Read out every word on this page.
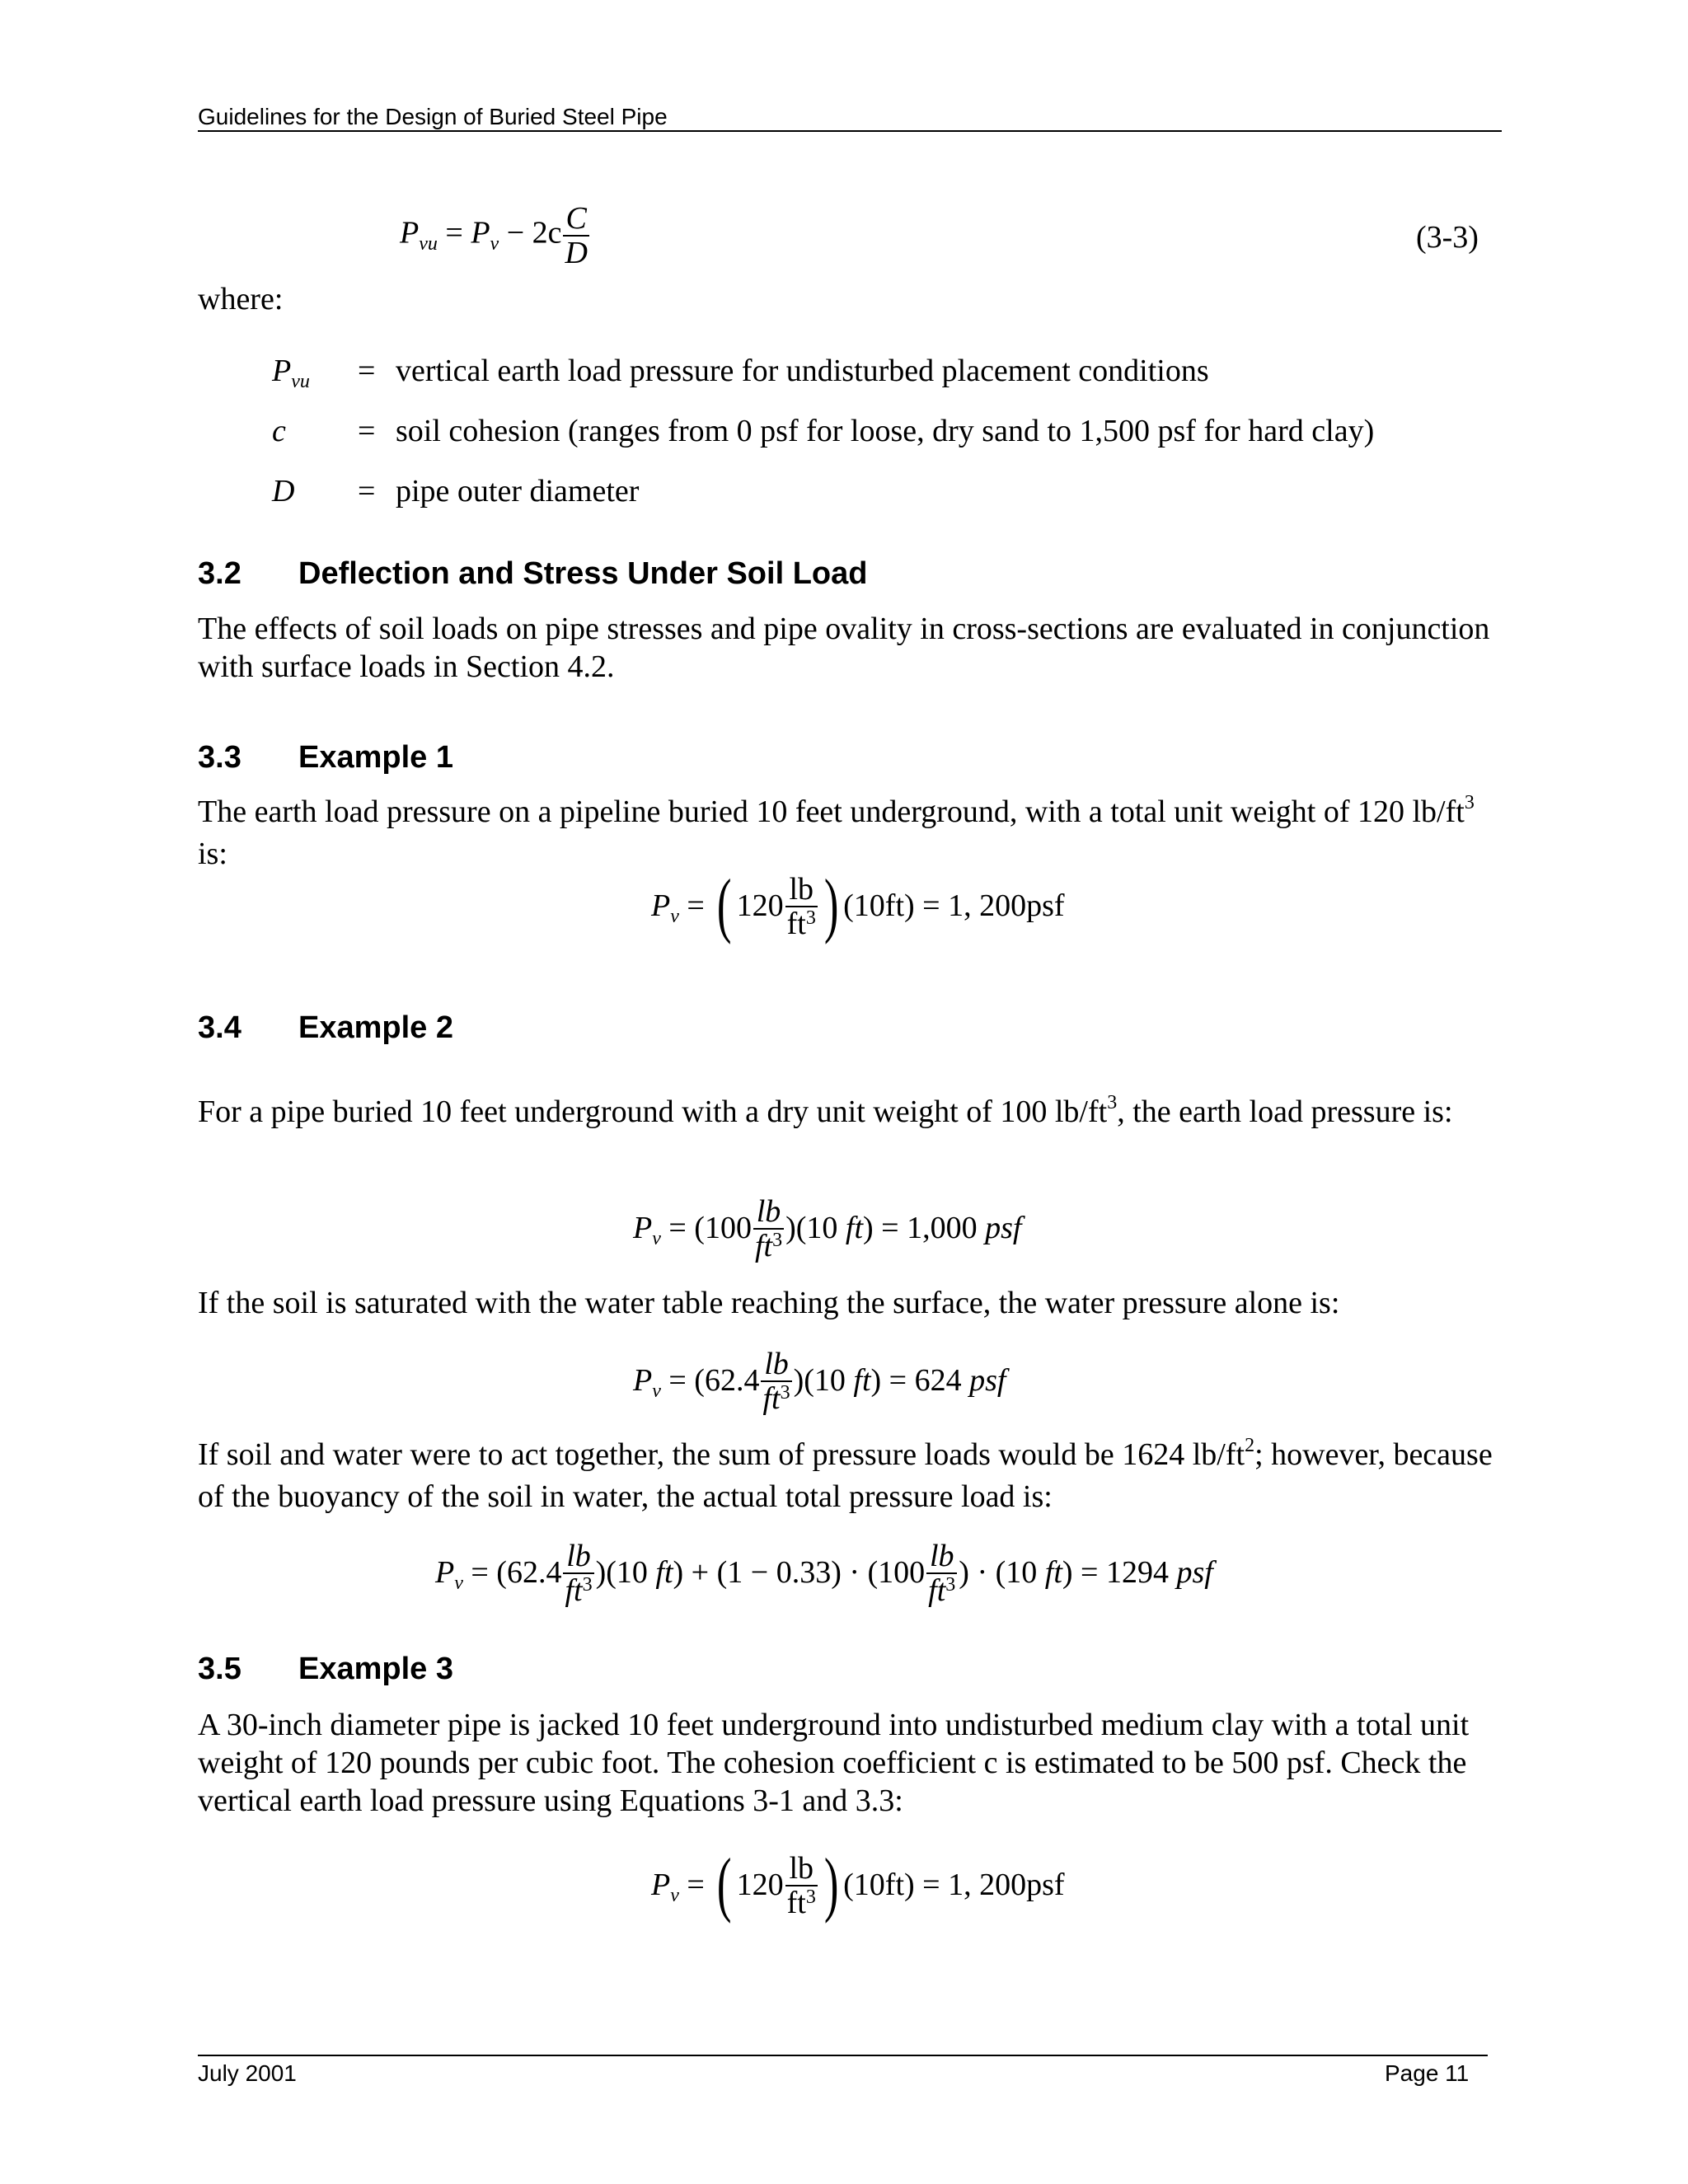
Guidelines for the Design of Buried Steel Pipe
$P_{vu} = P_v - 2c \frac{C}{D}$	(3-3)
where:
$P_{vu}$ = vertical earth load pressure for undisturbed placement conditions
c = soil cohesion (ranges from 0 psf for loose, dry sand to 1,500 psf for hard clay)
D = pipe outer diameter
3.2 Deflection and Stress Under Soil Load

The effects of soil loads on pipe stresses and pipe ovality in cross-sections are evaluated in conjunction with surface loads in Section 4.2.

3.3 Example 1

The earth load pressure on a pipeline buried 10 feet underground, with a total unit weight of 120 $lb/ft^3$ is:

$P_v$ = ( $120 \frac{lb}{ft^3}$ ) (10ft) = 1, 200psf
3.4 Example 2

For a pipe buried 10 feet underground with a dry unit weight of 100 $lb/ft^3$, the earth load pressure is:

$P_v = (100 \frac{lb}{ft^3} )(10$ ft) = 1,000 psf

If the soil is saturated with the water table reaching the surface, the water pressure alone is:

$P_v = (62.4 \frac{lb}{ft^3} )(10$ ft) = 624 psf

If soil and water were to act together, the sum of pressure loads would be 1624 $lb/ft^2$; however, because of the buoyancy of the soil in water, the actual total pressure load is:

$P_v = (62.4 \frac{lb}{ft^3} )(10$ $ft) + (1 - 0.33) \cdot (100 \frac{lb}{ft^3}$ ) · (10 ft) = 1294 psf
3.5 Example 3

A 30-inch diameter pipe is jacked 10 feet underground into undisturbed medium clay with a total unit weight of 120 pounds per cubic foot. The cohesion coefficient c is estimated to be 500 psf. Check the vertical earth load pressure using Equations 3-1 and 3.3:

$P_v$ = ( $120 \frac{lb}{ft^3}$ ) (10ft) = 1, 200psf
July 2001	Page 11
